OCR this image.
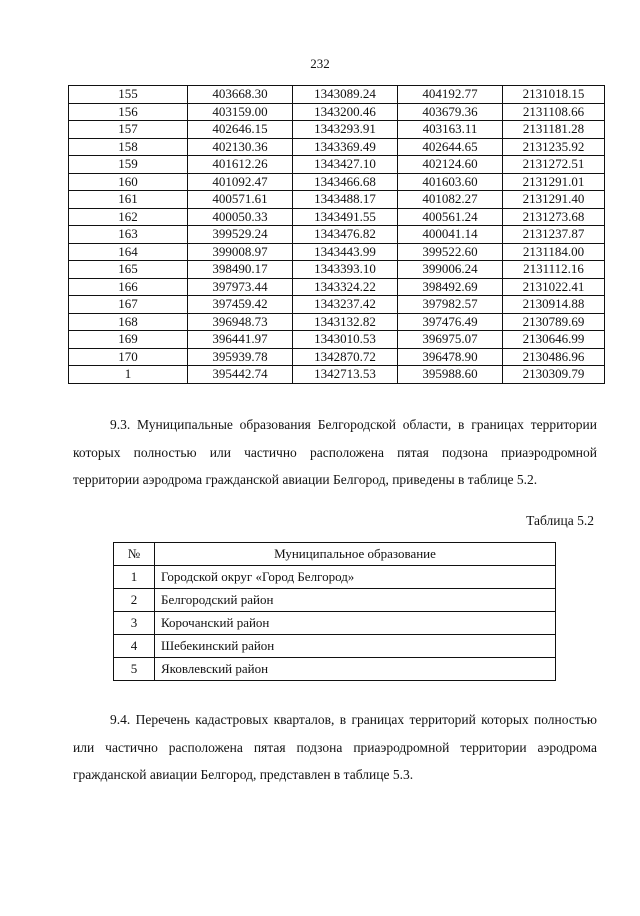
232
155	403668.30	1343089.24	404192.77	2131018.15
156	403159.00	1343200.46	403679.36	2131108.66
157	402646.15	1343293.91	403163.11	2131181.28
158	402130.36	1343369.49	402644.65	2131235.92
159	401612.26	1343427.10	402124.60	2131272.51
160	401092.47	1343466.68	401603.60	2131291.01
161	400571.61	1343488.17	401082.27	2131291.40
162	400050.33	1343491.55	400561.24	2131273.68
163	399529.24	1343476.82	400041.14	2131237.87
164	399008.97	1343443.99	399522.60	2131184.00
165	398490.17	1343393.10	399006.24	2131112.16
166	397973.44	1343324.22	398492.69	2131022.41
167	397459.42	1343237.42	397982.57	2130914.88
168	396948.73	1343132.82	397476.49	2130789.69
169	396441.97	1343010.53	396975.07	2130646.99
170	395939.78	1342870.72	396478.90	2130486.96
1	395442.74	1342713.53	395988.60	2130309.79
9.3. Муниципальные образования Белгородской области, в границах территории которых полностью или частично расположена пятая подзона приаэродромной территории аэродрома гражданской авиации Белгород, приведены в таблице 5.2.
Таблица 5.2
№	Муниципальное образование
1	Городской округ «Город Белгород»
2	Белгородский район
3	Корочанский район
4	Шебекинский район
5	Яковлевский район
9.4. Перечень кадастровых кварталов, в границах территорий которых полностью или частично расположена пятая подзона приаэродромной территории аэродрома гражданской авиации Белгород, представлен в таблице 5.3.
